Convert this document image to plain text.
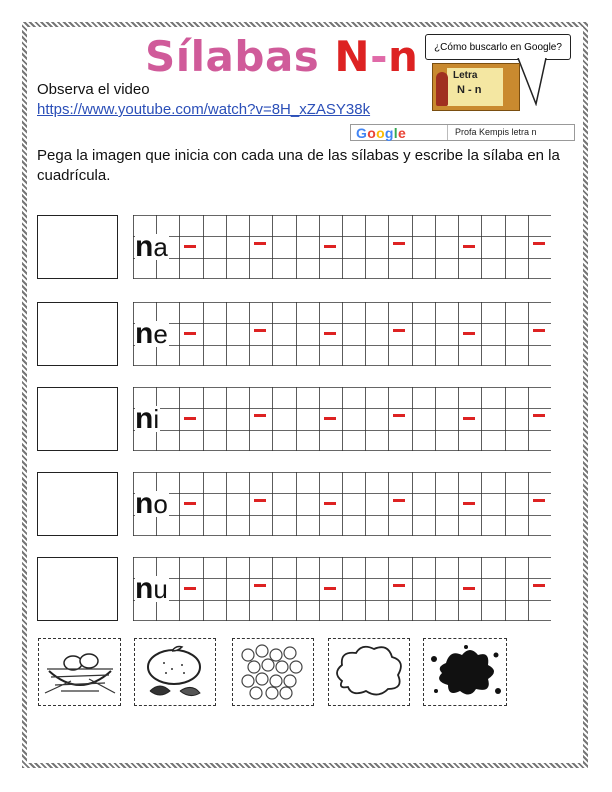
Sílabas N-n
Observa el video
https://www.youtube.com/watch?v=8H_xZASY38k
¿Cómo buscarlo en Google?
Letra
N - n
Google	Profa Kempis letra n
Pega la imagen que inicia con cada una de las sílabas y escribe la sílaba en la cuadrícula.
na
ne
ni
no
nu
